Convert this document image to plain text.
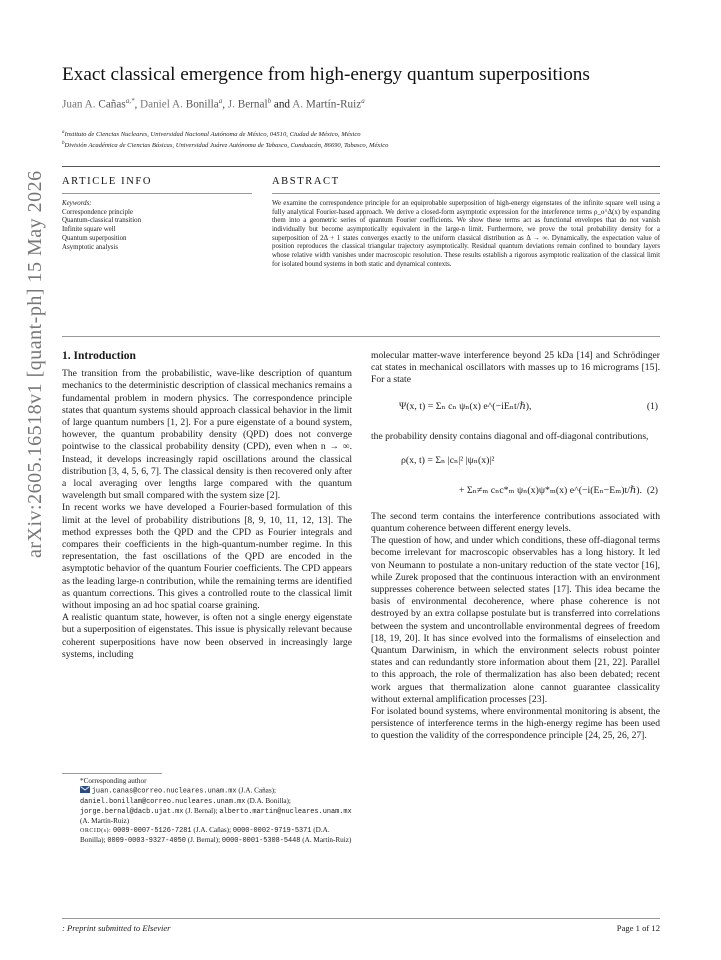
Exact classical emergence from high-energy quantum superpositions
Juan A. Cañas$^{a,*}$, Daniel A. Bonilla$^a$, J. Bernal$^b$ and A. Martín-Ruiz$^a$
$^a$Instituto de Ciencias Nucleares, Universidad Nacional Autónoma de México, 04510, Ciudad de México, México
$^b$División Académica de Ciencias Básicas, Universidad Juárez Autónoma de Tabasco, Cunduacán, 86690, Tabasco, México
ARTICLE INFO	ABSTRACT
Keywords:
Correspondence principle
Quantum-classical transition
Infinite square well
Quantum superposition
Asymptotic analysis
We examine the correspondence principle for an equiprobable superposition of high-energy eigenstates of the infinite square well using a fully analytical Fourier-based approach. We derive a closed-form asymptotic expression for the interference terms ρ_o^Δ(x) by expanding them into a geometric series of quantum Fourier coefficients. We show these terms act as functional envelopes that do not vanish individually but become asymptotically equivalent in the large-n limit. Furthermore, we prove the total probability density for a superposition of 2Δ + 1 states converges exactly to the uniform classical distribution as Δ → ∞. Dynamically, the expectation value of position reproduces the classical triangular trajectory asymptotically. Residual quantum deviations remain confined to boundary layers whose relative width vanishes under macroscopic resolution. These results establish a rigorous asymptotic realization of the classical limit for isolated bound systems in both static and dynamical contexts.
arXiv:2605.16518v1 [quant-ph] 15 May 2026	1. Introduction

The transition from the probabilistic, wave-like description of quantum mechanics to the deterministic description of classical mechanics remains a fundamental problem in modern physics. The correspondence principle states that quantum systems should approach classical behavior in the limit of large quantum numbers [1, 2]. For a pure eigenstate of a bound system, however, the quantum probability density (QPD) does not converge pointwise to the classical probability density (CPD), even when n → ∞. Instead, it develops increasingly rapid oscillations around the classical distribution [3, 4, 5, 6, 7]. The classical density is then recovered only after a local averaging over lengths large compared with the quantum wavelength but small compared with the system size [2].

In recent works we have developed a Fourier-based formulation of this limit at the level of probability distributions [8, 9, 10, 11, 12, 13]. The method expresses both the QPD and the CPD as Fourier integrals and compares their coefficients in the high-quantum-number regime. In this representation, the fast oscillations of the QPD are encoded in the asymptotic behavior of the quantum Fourier coefficients. The CPD appears as the leading large-n contribution, while the remaining terms are identified as quantum corrections. This gives a controlled route to the classical limit without imposing an ad hoc spatial coarse graining.

A realistic quantum state, however, is often not a single energy eigenstate but a superposition of eigenstates. This issue is physically relevant because coherent superpositions have now been observed in increasingly large systems, including

*Corresponding author
juan.canas@correo.nucleares.unam.mx (J.A. Cañas); daniel.bonillam@correo.nucleares.unam.mx (D.A. Bonilla); jorge.bernal@dacb.ujat.mx (J. Bernal); alberto.martin@nucleares.unam.mx (A. Martín-Ruiz)
ORCID(s): 0009-0007-5126-7281 (J.A. Cañas); 0000-0002-9719-5371 (D.A. Bonilla); 0009-0003-9327-4050 (J. Bernal); 0000-0001-5308-5448 (A. Martín-Ruiz)

molecular matter-wave interference beyond 25 kDa [14] and Schrödinger cat states in mechanical oscillators with masses up to 16 micrograms [15]. For a state

Ψ(x, t) = Σₙ cₙ ψₙ(x) e^(−iEₙt/ℏ),	(1)

the probability density contains diagonal and off-diagonal contributions,

ρ(x, t) = Σₙ |cₙ|² |ψₙ(x)|²
+ Σₙ≠ₘ cₙc*ₘ ψₙ(x)ψ*ₘ(x) e^(−i(Eₙ−Eₘ)t/ℏ). (2)

The second term contains the interference contributions associated with quantum coherence between different energy levels.

The question of how, and under which conditions, these off-diagonal terms become irrelevant for macroscopic observables has a long history. It led von Neumann to postulate a non-unitary reduction of the state vector [16], while Zurek proposed that the continuous interaction with an environment suppresses coherence between selected states [17]. This idea became the basis of environmental decoherence, where phase coherence is not destroyed by an extra collapse postulate but is transferred into correlations between the system and uncontrollable environmental degrees of freedom [18, 19, 20]. It has since evolved into the formalisms of einselection and Quantum Darwinism, in which the environment selects robust pointer states and can redundantly store information about them [21, 22]. Parallel to this approach, the role of thermalization has also been debated; recent work argues that thermalization alone cannot guarantee classicality without external amplification processes [23].

For isolated bound systems, where environmental monitoring is absent, the persistence of interference terms in the high-energy regime has been used to question the validity of the correspondence principle [24, 25, 26, 27].

: Preprint submitted to Elsevier	Page 1 of 12
